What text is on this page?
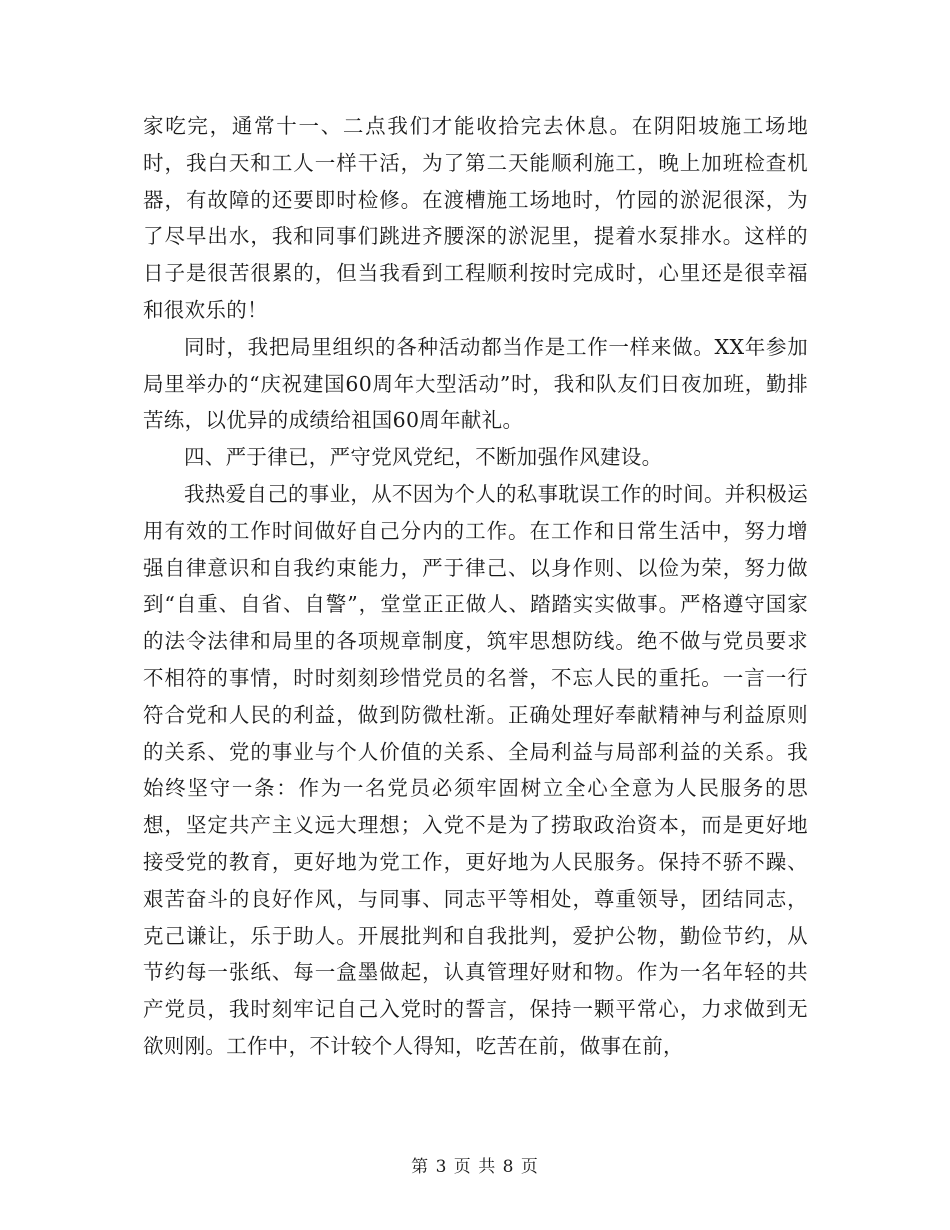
家吃完，通常十一、二点我们才能收拾完去休息。在阴阳坡施工场地时，我白天和工人一样干活，为了第二天能顺利施工，晚上加班检查机器，有故障的还要即时检修。在渡槽施工场地时，竹园的淤泥很深，为了尽早出水，我和同事们跳进齐腰深的淤泥里，提着水泵排水。这样的日子是很苦很累的，但当我看到工程顺利按时完成时，心里还是很幸福和很欢乐的！

同时，我把局里组织的各种活动都当作是工作一样来做。XX年参加局里举办的“庆祝建国60周年大型活动”时，我和队友们日夜加班，勤排苦练，以优异的成绩给祖国60周年献礼。

四、严于律已，严守党风党纪，不断加强作风建设。

我热爱自己的事业，从不因为个人的私事耽误工作的时间。并积极运用有效的工作时间做好自己分内的工作。在工作和日常生活中，努力增强自律意识和自我约束能力，严于律己、以身作则、以俭为荣，努力做到“自重、自省、自警”，堂堂正正做人、踏踏实实做事。严格遵守国家的法令法律和局里的各项规章制度，筑牢思想防线。绝不做与党员要求不相符的事情，时时刻刻珍惜党员的名誉，不忘人民的重托。一言一行符合党和人民的利益，做到防微杜渐。正确处理好奉献精神与利益原则的关系、党的事业与个人价值的关系、全局利益与局部利益的关系。我始终坚守一条：作为一名党员必须牢固树立全心全意为人民服务的思想，坚定共产主义远大理想；入党不是为了捞取政治资本，而是更好地接受党的教育，更好地为党工作，更好地为人民服务。保持不骄不躁、艰苦奋斗的良好作风，与同事、同志平等相处，尊重领导，团结同志，克己谦让，乐于助人。开展批判和自我批判，爱护公物，勤俭节约，从节约每一张纸、每一盒墨做起，认真管理好财和物。作为一名年轻的共产党员，我时刻牢记自己入党时的誓言，保持一颗平常心，力求做到无欲则刚。工作中，不计较个人得知，吃苦在前，做事在前，

第 3 页 共 8 页
